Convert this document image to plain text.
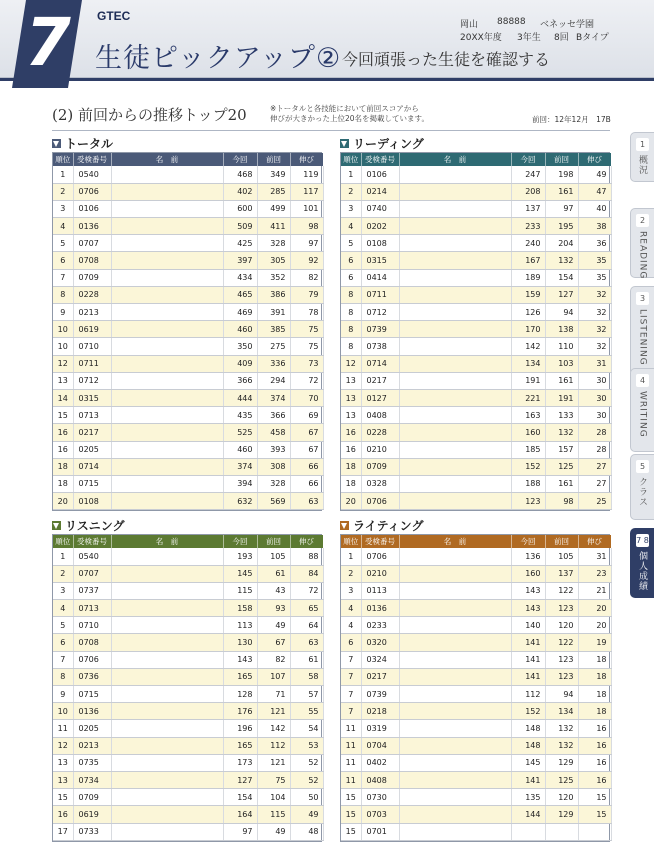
7	GTEC
生徒ピックアップ② 今回頑張った生徒を確認する
岡山 88888 ベネッセ学園
20XX年度 3年生 8回 Bタイプ
(2) 前回からの推移トップ20	※トータルと各技能において前回スコアから
伸びが大きかった上位20名を掲載しています。	前回：12年12月　17B
トータル
順位	受検番号	名　前	今回	前回	伸び
1	0540		468	349	119
2	0706		402	285	117
3	0106		600	499	101
4	0136		509	411	98
5	0707		425	328	97
6	0708		397	305	92
7	0709		434	352	82
8	0228		465	386	79
9	0213		469	391	78
10	0619		460	385	75
10	0710		350	275	75
12	0711		409	336	73
13	0712		366	294	72
14	0315		444	374	70
15	0713		435	366	69
16	0217		525	458	67
16	0205		460	393	67
18	0714		374	308	66
18	0715		394	328	66
20	0108		632	569	63
リーディング
順位	受検番号	名　前	今回	前回	伸び
1	0106		247	198	49
2	0214		208	161	47
3	0740		137	97	40
4	0202		233	195	38
5	0108		240	204	36
6	0315		167	132	35
6	0414		189	154	35
8	0711		159	127	32
8	0712		126	94	32
8	0739		170	138	32
8	0738		142	110	32
12	0714		134	103	31
13	0217		191	161	30
13	0127		221	191	30
13	0408		163	133	30
16	0228		160	132	28
16	0210		185	157	28
18	0709		152	125	27
18	0328		188	161	27
20	0706		123	98	25
リスニング
順位	受検番号	名　前	今回	前回	伸び
1	0540		193	105	88
2	0707		145	61	84
3	0737		115	43	72
4	0713		158	93	65
5	0710		113	49	64
6	0708		130	67	63
7	0706		143	82	61
8	0736		165	107	58
9	0715		128	71	57
10	0136		176	121	55
11	0205		196	142	54
12	0213		165	112	53
13	0735		173	121	52
13	0734		127	75	52
15	0709		154	104	50
16	0619		164	115	49
17	0733		97	49	48
ライティング
順位	受検番号	名　前	今回	前回	伸び
1	0706		136	105	31
2	0210		160	137	23
3	0113		143	122	21
4	0136		143	123	20
4	0233		140	120	20
6	0320		141	122	19
7	0324		141	123	18
7	0217		141	123	18
7	0739		112	94	18
7	0218		152	134	18
11	0319		148	132	16
11	0704		148	132	16
11	0402		145	129	16
11	0408		141	125	16
15	0730		135	120	15
15	0703		144	129	15
15	0701				
1
概況
2
READING
3
LISTENING
4
WRITING
5
クラス
7 8
個人成績
